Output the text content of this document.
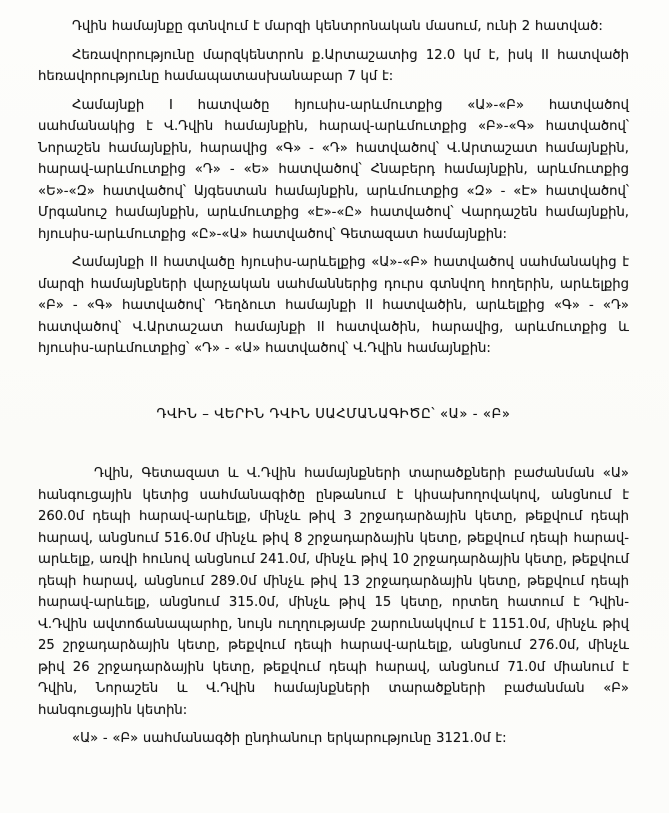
Դվին համայնքը գտնվում է մարզի կենտրոնական մասում, ունի 2 հատված:

Հեռավորությունը մարզկենտրոն ք.Արտաշատից 12.0 կմ է, իսկ II հատվածի հեռավորությունը համապատասխանաբար 7 կմ է:

Համայնքի I հատվածը հյուսիս-արևմուտքից «Ա»-«Բ» հատվածով սահմանակից է Վ.Դվին համայնքին, հարավ-արևմուտքից «Բ»-«Գ» հատվածով՝ Նորաշեն համայնքին, հարավից «Գ» - «Դ» հատվածով՝ Վ.Արտաշատ համայնքին, հարավ-արևմուտքից «Դ» - «Ե» հատվածով՝ Հնաբերդ համայնքին, արևմուտքից «Ե»-«Զ» հատվածով՝ Այգեստան համայնքին, արևմուտքից «Զ» - «Է» հատվածով՝ Մրգանուշ համայնքին, արևմուտքից «Է»-«Ը» հատվածով՝ Վարդաշեն համայնքին, հյուսիս-արևմուտքից «Ը»-«Ա» հատվածով՝ Գետազատ համայնքին:

Համայնքի II հատվածը հյուսիս-արևելքից «Ա»-«Բ» հատվածով սահմանակից է մարզի համայնքների վարչական սահմաններից դուրս գտնվող հողերին, արևելքից «Բ» - «Գ» հատվածով՝ Դեղձուտ համայնքի II հատվածին, արևելքից «Գ» - «Դ» հատվածով՝ Վ.Արտաշատ համայնքի II հատվածին, հարավից, արևմուտքից և հյուսիս-արևմուտքից՝ «Դ» - «Ա» հատվածով՝ Վ.Դվին համայնքին:

ԴՎԻՆ – ՎԵՐԻՆ ԴՎԻՆ ՍԱՀՄԱՆԱԳԻԾԸ՝ «Ա» - «Բ»

Դվին, Գետազատ և Վ.Դվին համայնքների տարածքների բաժանման «Ա» հանգուցային կետից սահմանագիծը ընթանում է կիսախողովակով, անցնում է 260.0մ դեպի հարավ-արևելք, մինչև թիվ 3 շրջադարձային կետը, թեքվում դեպի հարավ, անցնում 516.0մ մինչև թիվ 8 շրջադարձային կետը, թեքվում դեպի հարավ-արևելք, առվի հունով անցնում 241.0մ, մինչև թիվ 10 շրջադարձային կետը, թեքվում դեպի հարավ, անցնում 289.0մ մինչև թիվ 13 շրջադարձային կետը, թեքվում դեպի հարավ-արևելք, անցնում 315.0մ, մինչև թիվ 15 կետը, որտեղ հատում է Դվին-Վ.Դվին ավտոճանապարհը, նույն ուղղությամբ շարունակվում է 1151.0մ, մինչև թիվ 25 շրջադարձային կետը, թեքվում դեպի հարավ-արևելք, անցնում 276.0մ, մինչև թիվ 26 շրջադարձային կետը, թեքվում դեպի հարավ, անցնում 71.0մ միանում է Դվին, Նորաշեն և Վ.Դվին համայնքների տարածքների բաժանման «Բ» հանգուցային կետին:

«Ա» - «Բ» սահմանագծի ընդհանուր երկարությունը 3121.0մ է:
